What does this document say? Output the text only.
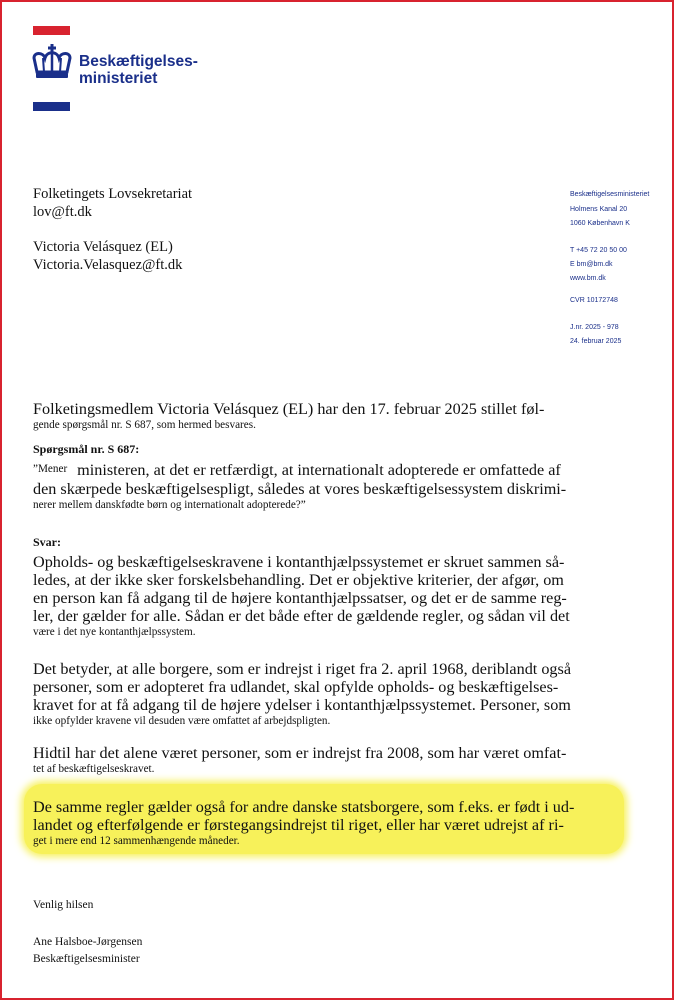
Beskæftigelses-
ministeriet
Folketingets Lovsekretariat
lov@ft.dk
Victoria Velásquez (EL)
Victoria.Velasquez@ft.dk
Beskæftigelsesministeriet
Holmens Kanal 20
1060 København K
T +45 72 20 50 00
E bm@bm.dk
www.bm.dk
CVR 10172748
J.nr. 2025 - 978
24. februar 2025
Folketingsmedlem Victoria Velásquez (EL) har den 17. februar 2025 stillet føl-
gende spørgsmål nr. S 687, som hermed besvares.
Spørgsmål nr. S 687:
”Mener ministeren, at det er retfærdigt, at internationalt adopterede er omfattede af
den skærpede beskæftigelsespligt, således at vores beskæftigelsessystem diskrimi-
nerer mellem danskfødte børn og internationalt adopterede?”
Svar:
Opholds- og beskæftigelseskravene i kontanthjælpssystemet er skruet sammen så-
ledes, at der ikke sker forskelsbehandling. Det er objektive kriterier, der afgør, om
en person kan få adgang til de højere kontanthjælpssatser, og det er de samme reg-
ler, der gælder for alle. Sådan er det både efter de gældende regler, og sådan vil det
være i det nye kontanthjælpssystem.
Det betyder, at alle borgere, som er indrejst i riget fra 2. april 1968, deriblandt også
personer, som er adopteret fra udlandet, skal opfylde opholds- og beskæftigelses-
kravet for at få adgang til de højere ydelser i kontanthjælpssystemet. Personer, som
ikke opfylder kravene vil desuden være omfattet af arbejdspligten.
Hidtil har det alene været personer, som er indrejst fra 2008, som har været omfat-
tet af beskæftigelseskravet.
De samme regler gælder også for andre danske statsborgere, som f.eks. er født i ud-
landet og efterfølgende er førstegangsindrejst til riget, eller har været udrejst af ri-
get i mere end 12 sammenhængende måneder.
Venlig hilsen
Ane Halsboe-Jørgensen
Beskæftigelsesminister
